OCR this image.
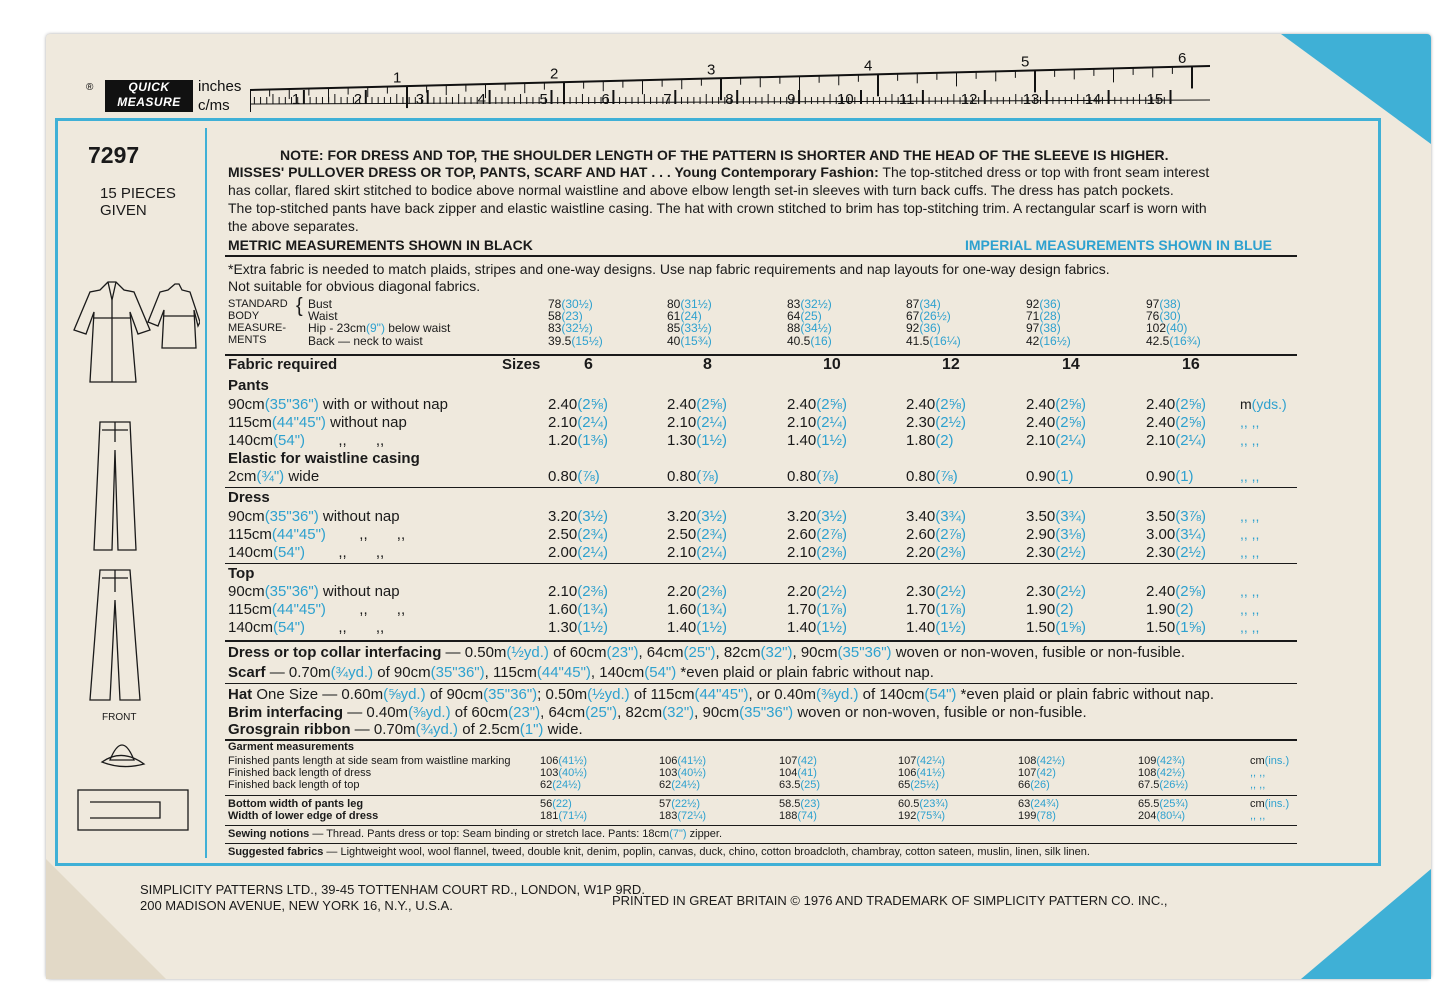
®	QUICK
MEASURE
inches
c/ms
1	2	3	4	5	6
1	2	3	4	5	6	7	8	9	10	11	12	13	14	15
7297
15 PIECES
GIVEN
FRONT
NOTE: FOR DRESS AND TOP, THE SHOULDER LENGTH OF THE PATTERN IS SHORTER AND THE HEAD OF THE SLEEVE IS HIGHER.
MISSES' PULLOVER DRESS OR TOP, PANTS, SCARF AND HAT . . . Young Contemporary Fashion: The top-stitched dress or top with front seam interest
has collar, flared skirt stitched to bodice above normal waistline and above elbow length set-in sleeves with turn back cuffs. The dress has patch pockets.
The top-stitched pants have back zipper and elastic waistline casing. The hat with crown stitched to brim has top-stitching trim. A rectangular scarf is worn with
the above separates.
METRIC MEASUREMENTS SHOWN IN BLACK	IMPERIAL MEASUREMENTS SHOWN IN BLUE
*Extra fabric is needed to match plaids, stripes and one-way designs. Use nap fabric requirements and nap layouts for one-way design fabrics.
Not suitable for obvious diagonal fabrics.
STANDARD
BODY
MEASURE-
MENTS
{ Bust	78(30½)	80(31½)	83(32½)	87(34)	92(36)	97(38)
Waist	58(23)	61(24)	64(25)	67(26½)	71(28)	76(30)
Hip - 23cm(9") below waist	83(32½)	85(33½)	88(34½)	92(36)	97(38)	102(40)
Back — neck to waist	39.5(15½)	40(15¾)	40.5(16)	41.5(16¼)	42(16½)	42.5(16¾)
Fabric required	Sizes	6	8	10	12	14	16
Pants
90cm(35"36") with or without nap	2.40(2⅝)	2.40(2⅝)	2.40(2⅝)	2.40(2⅝)	2.40(2⅝)	2.40(2⅝)	m(yds.)
115cm(44"45") without nap	2.10(2¼)	2.10(2¼)	2.10(2¼)	2.30(2½)	2.40(2⅝)	2.40(2⅝)	,, ,,
140cm(54")        ,,       ,,	1.20(1⅜)	1.30(1½)	1.40(1½)	1.80(2)	2.10(2¼)	2.10(2¼)	,, ,,
Elastic for waistline casing
2cm(¾") wide	0.80(⅞)	0.80(⅞)	0.80(⅞)	0.80(⅞)	0.90(1)	0.90(1)	,, ,,
Dress
90cm(35"36") without nap	3.20(3½)	3.20(3½)	3.20(3½)	3.40(3¾)	3.50(3¾)	3.50(3⅞)	,, ,,
115cm(44"45")        ,,       ,,	2.50(2¾)	2.50(2¾)	2.60(2⅞)	2.60(2⅞)	2.90(3⅛)	3.00(3¼)	,, ,,
140cm(54")        ,,       ,,	2.00(2¼)	2.10(2¼)	2.10(2⅜)	2.20(2⅜)	2.30(2½)	2.30(2½)	,, ,,
Top
90cm(35"36") without nap	2.10(2⅜)	2.20(2⅜)	2.20(2½)	2.30(2½)	2.30(2½)	2.40(2⅝)	,, ,,
115cm(44"45")        ,,       ,,	1.60(1¾)	1.60(1¾)	1.70(1⅞)	1.70(1⅞)	1.90(2)	1.90(2)	,, ,,
140cm(54")        ,,       ,,	1.30(1½)	1.40(1½)	1.40(1½)	1.40(1½)	1.50(1⅝)	1.50(1⅝)	,, ,,
Dress or top collar interfacing — 0.50m(½yd.) of 60cm(23"), 64cm(25"), 82cm(32"), 90cm(35"36") woven or non-woven, fusible or non-fusible.
Scarf — 0.70m(¾yd.) of 90cm(35"36"), 115cm(44"45"), 140cm(54") *even plaid or plain fabric without nap.
Hat One Size — 0.60m(⅝yd.) of 90cm(35"36"); 0.50m(½yd.) of 115cm(44"45"), or 0.40m(⅜yd.) of 140cm(54") *even plaid or plain fabric without nap.
Brim interfacing — 0.40m(⅜yd.) of 60cm(23"), 64cm(25"), 82cm(32"), 90cm(35"36") woven or non-woven, fusible or non-fusible.
Grosgrain ribbon — 0.70m(¾yd.) of 2.5cm(1") wide.
Garment measurements
Finished pants length at side seam from waistline marking	106(41½)	106(41½)	107(42)	107(42¼)	108(42½)	109(42¾)	cm(ins.)
Finished back length of dress	103(40½)	103(40½)	104(41)	106(41½)	107(42)	108(42½)	,, ,,
Finished back length of top	62(24½)	62(24½)	63.5(25)	65(25½)	66(26)	67.5(26½)	,, ,,
Bottom width of pants leg	56(22)	57(22½)	58.5(23)	60.5(23¾)	63(24¾)	65.5(25¾)	cm(ins.)
Width of lower edge of dress	181(71¼)	183(72¼)	188(74)	192(75¾)	199(78)	204(80¼)	,, ,,
Sewing notions — Thread. Pants dress or top: Seam binding or stretch lace. Pants: 18cm(7") zipper.
Suggested fabrics — Lightweight wool, wool flannel, tweed, double knit, denim, poplin, canvas, duck, chino, cotton broadcloth, chambray, cotton sateen, muslin, linen, silk linen.
SIMPLICITY PATTERNS LTD., 39-45 TOTTENHAM COURT RD., LONDON, W1P 9RD.
PRINTED IN GREAT BRITAIN © 1976 AND TRADEMARK OF SIMPLICITY PATTERN CO. INC.,
200 MADISON AVENUE, NEW YORK 16, N.Y., U.S.A.
